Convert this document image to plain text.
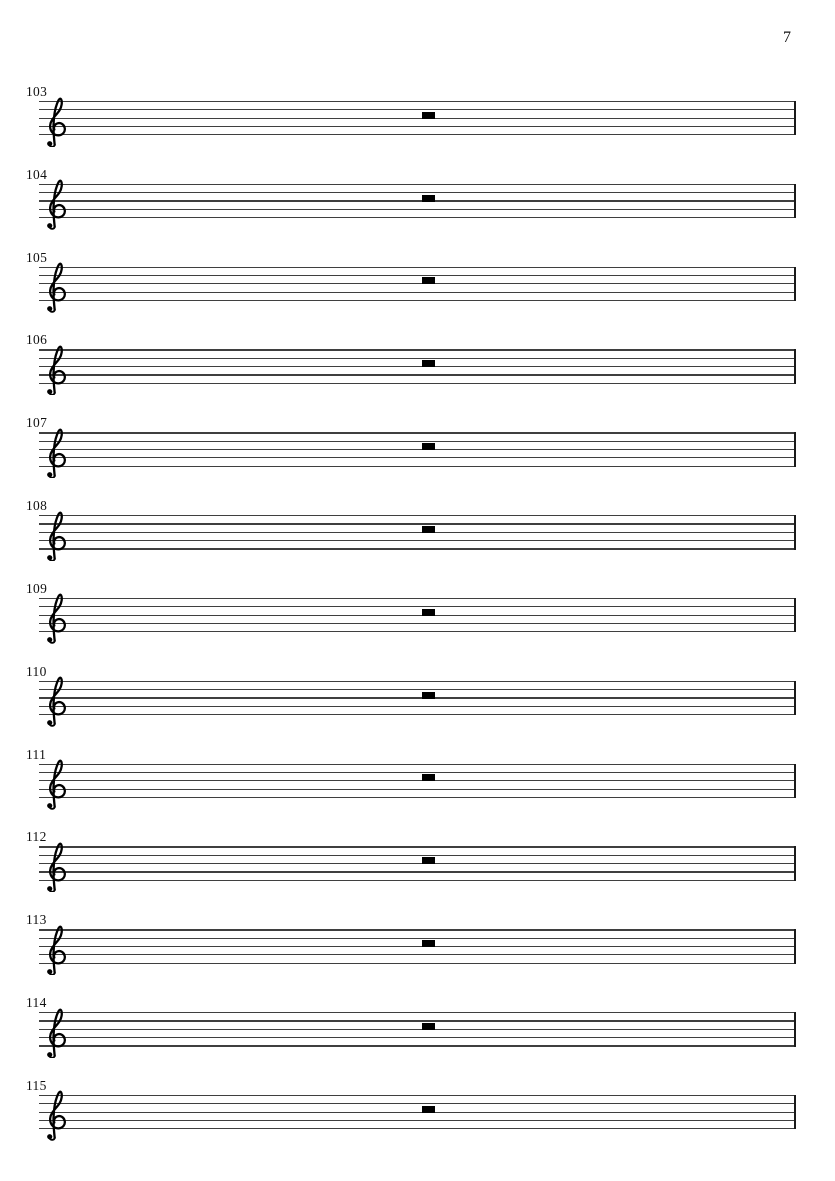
7
103
104
105
106
107
108
109
110
111
112
113
114
115
